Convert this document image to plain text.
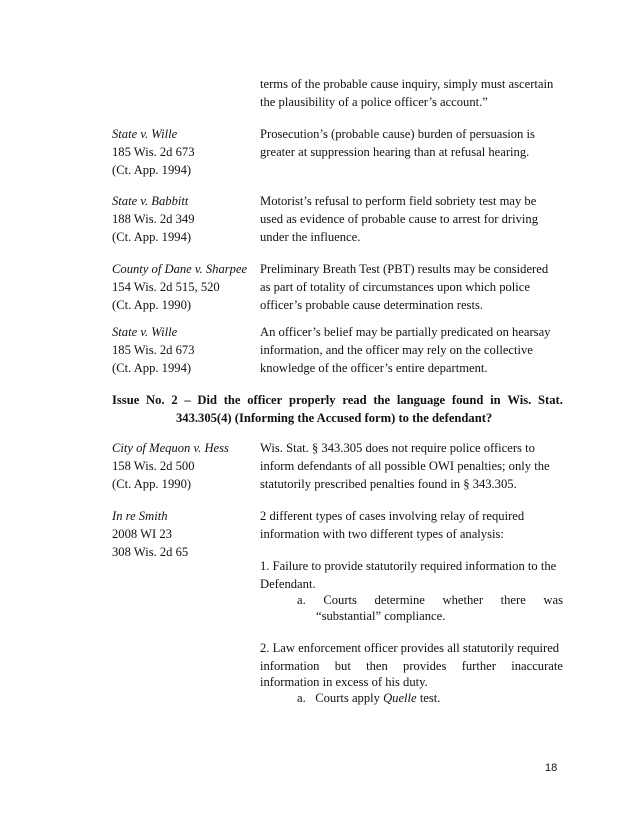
terms of the probable cause inquiry, simply must ascertain
the plausibility of a police officer’s account.”
State v. Wille
185 Wis. 2d 673
(Ct. App. 1994)
Prosecution’s (probable cause) burden of persuasion is
greater at suppression hearing than at refusal hearing.
State v. Babbitt
188 Wis. 2d 349
(Ct. App. 1994)
Motorist’s refusal to perform field sobriety test may be
used as evidence of probable cause to arrest for driving
under the influence.
County of Dane v. Sharpee
154 Wis. 2d 515, 520
(Ct. App. 1990)
Preliminary Breath Test (PBT) results may be considered
as part of totality of circumstances upon which police
officer’s probable cause determination rests.
State v. Wille
185 Wis. 2d 673
(Ct. App. 1994)
An officer’s belief may be partially predicated on hearsay
information, and the officer may rely on the collective
knowledge of the officer’s entire department.
Issue No. 2 – Did the officer properly read the language found in Wis. Stat.
343.305(4) (Informing the Accused form) to the defendant?
City of Mequon v. Hess
158 Wis. 2d 500
(Ct. App. 1990)
Wis. Stat. § 343.305 does not require police officers to
inform defendants of all possible OWI penalties; only the
statutorily prescribed penalties found in § 343.305.
In re Smith
2008 WI 23
308 Wis. 2d 65
2 different types of cases involving relay of required
information with two different types of analysis:
1. Failure to provide statutorily required information to the
Defendant.
a. Courts determine whether there was
“substantial” compliance.
2. Law enforcement officer provides all statutorily required
information but then provides further inaccurate
information in excess of his duty.
a. Courts apply Quelle test.
18
